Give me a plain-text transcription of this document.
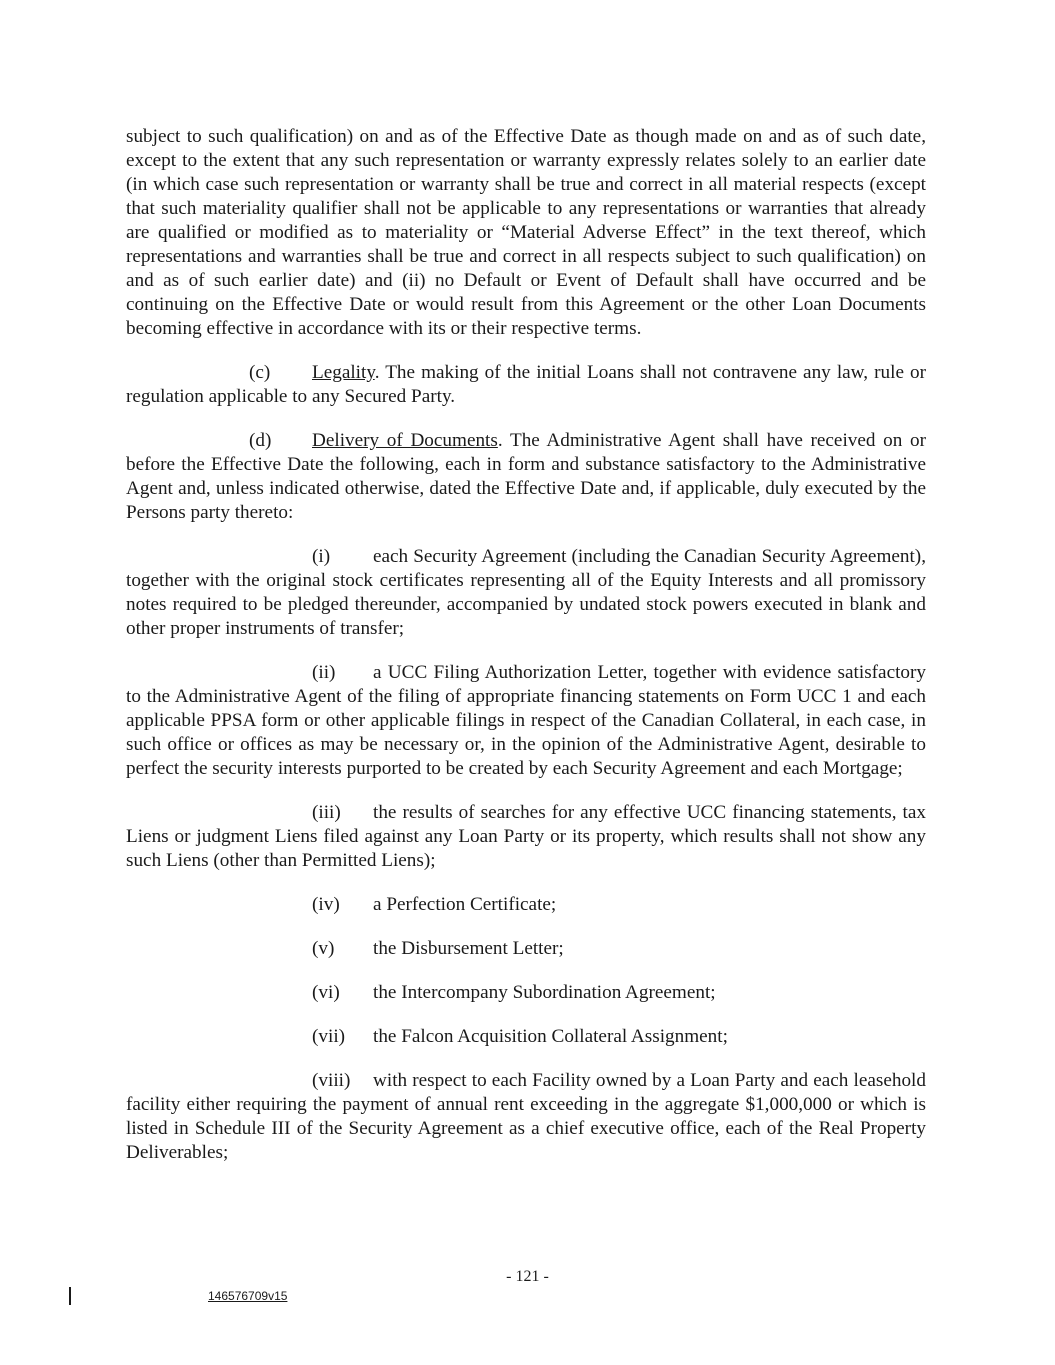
subject to such qualification) on and as of the Effective Date as though made on and as of such date, except to the extent that any such representation or warranty expressly relates solely to an earlier date (in which case such representation or warranty shall be true and correct in all material respects (except that such materiality qualifier shall not be applicable to any representations or warranties that already are qualified or modified as to materiality or “Material Adverse Effect” in the text thereof, which representations and warranties shall be true and correct in all respects subject to such qualification) on and as of such earlier date) and (ii) no Default or Event of Default shall have occurred and be continuing on the Effective Date or would result from this Agreement or the other Loan Documents becoming effective in accordance with its or their respective terms.

(c) Legality. The making of the initial Loans shall not contravene any law, rule or regulation applicable to any Secured Party.

(d) Delivery of Documents. The Administrative Agent shall have received on or before the Effective Date the following, each in form and substance satisfactory to the Administrative Agent and, unless indicated otherwise, dated the Effective Date and, if applicable, duly executed by the Persons party thereto:

(i) each Security Agreement (including the Canadian Security Agreement), together with the original stock certificates representing all of the Equity Interests and all promissory notes required to be pledged thereunder, accompanied by undated stock powers executed in blank and other proper instruments of transfer;

(ii) a UCC Filing Authorization Letter, together with evidence satisfactory to the Administrative Agent of the filing of appropriate financing statements on Form UCC 1 and each applicable PPSA form or other applicable filings in respect of the Canadian Collateral, in each case, in such office or offices as may be necessary or, in the opinion of the Administrative Agent, desirable to perfect the security interests purported to be created by each Security Agreement and each Mortgage;

(iii) the results of searches for any effective UCC financing statements, tax Liens or judgment Liens filed against any Loan Party or its property, which results shall not show any such Liens (other than Permitted Liens);

(iv) a Perfection Certificate;

(v) the Disbursement Letter;

(vi) the Intercompany Subordination Agreement;

(vii) the Falcon Acquisition Collateral Assignment;

(viii) with respect to each Facility owned by a Loan Party and each leasehold facility either requiring the payment of annual rent exceeding in the aggregate $1,000,000 or which is listed in Schedule III of the Security Agreement as a chief executive office, each of the Real Property Deliverables;

- 121 -
146576709v15
